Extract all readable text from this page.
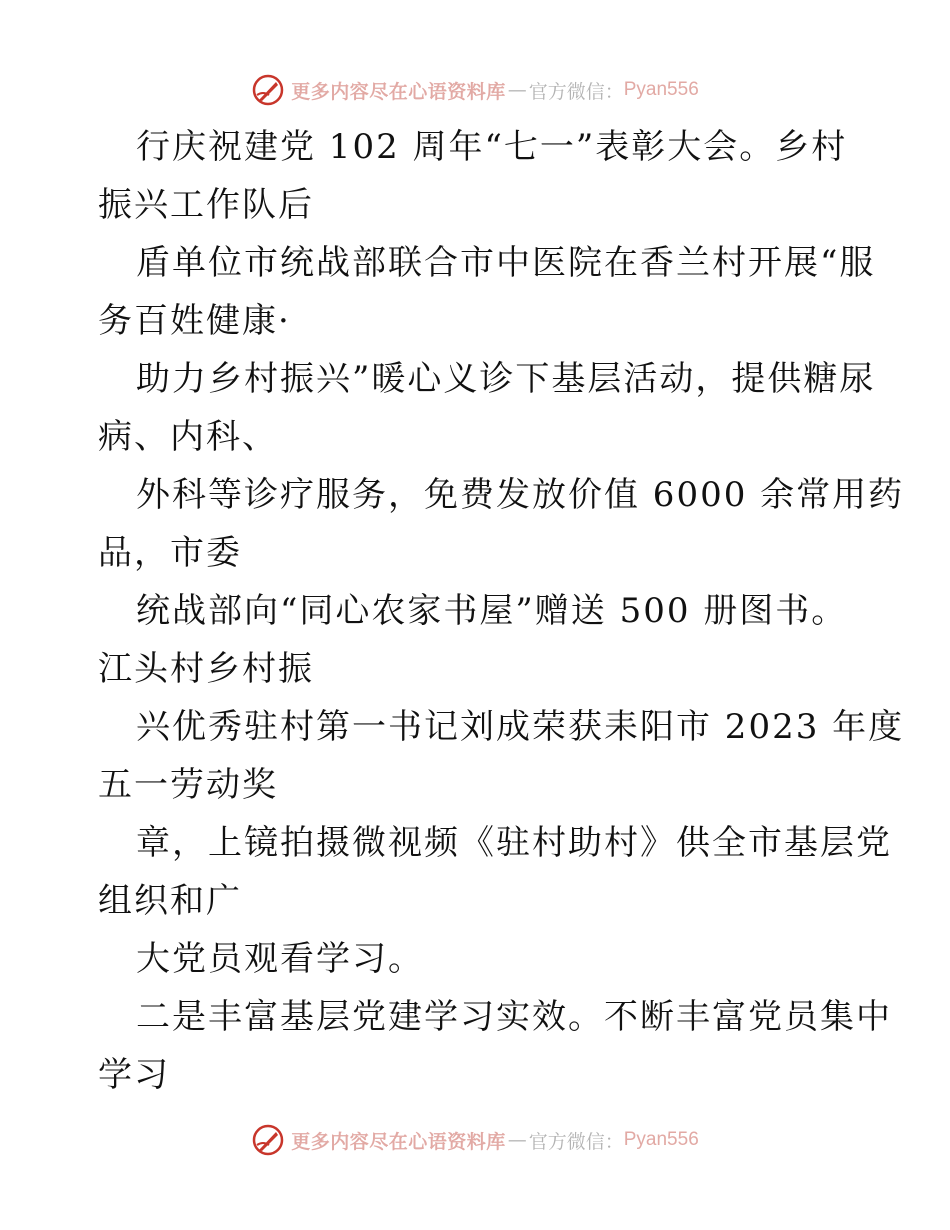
更多内容尽在心语资料库 — 官方微信： Pyan556
行庆祝建党 102 周年“七一”表彰大会。乡村
振兴工作队后
盾单位市统战部联合市中医院在香兰村开展“服
务百姓健康·
助力乡村振兴”暖心义诊下基层活动，提供糖尿
病、内科、
外科等诊疗服务，免费发放价值 6000 余常用药
品，市委
统战部向“同心农家书屋”赠送 500 册图书。
江头村乡村振
兴优秀驻村第一书记刘成荣获耒阳市 2023 年度
五一劳动奖
章，上镜拍摄微视频《驻村助村》供全市基层党
组织和广
大党员观看学习。
二是丰富基层党建学习实效。不断丰富党员集中
学习
更多内容尽在心语资料库 — 官方微信： Pyan556
